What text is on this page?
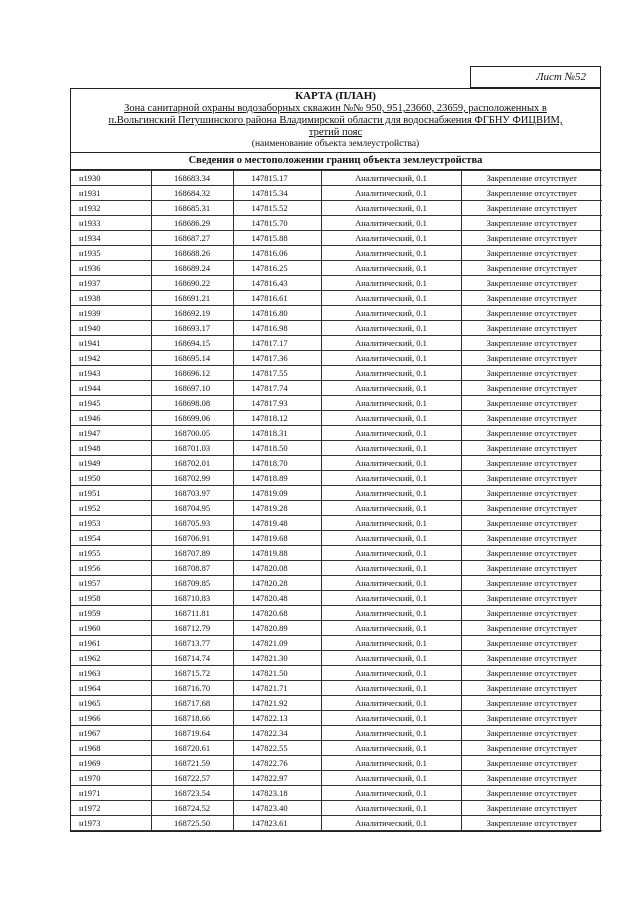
Лист №52
КАРТА (ПЛАН)
Зона санитарной охраны водозаборных скважин №№ 950, 951,23660, 23659, расположенных в
п.Вольгинский Петушинского района Владимирской области для водоснабжения ФГБНУ ФИЦВИМ,
третий пояс
(наименование объекта землеустройства)
Сведения о местоположении границ объекта землеустройства
н1930	168683.34	147815.17	Аналитический, 0.1	Закрепление отсутствует
н1931	168684.32	147815.34	Аналитический, 0.1	Закрепление отсутствует
н1932	168685.31	147815.52	Аналитический, 0.1	Закрепление отсутствует
н1933	168686.29	147815.70	Аналитический, 0.1	Закрепление отсутствует
н1934	168687.27	147815.88	Аналитический, 0.1	Закрепление отсутствует
н1935	168688.26	147816.06	Аналитический, 0.1	Закрепление отсутствует
н1936	168689.24	147816.25	Аналитический, 0.1	Закрепление отсутствует
н1937	168690.22	147816.43	Аналитический, 0.1	Закрепление отсутствует
н1938	168691.21	147816.61	Аналитический, 0.1	Закрепление отсутствует
н1939	168692.19	147816.80	Аналитический, 0.1	Закрепление отсутствует
н1940	168693.17	147816.98	Аналитический, 0.1	Закрепление отсутствует
н1941	168694.15	147817.17	Аналитический, 0.1	Закрепление отсутствует
н1942	168695.14	147817.36	Аналитический, 0.1	Закрепление отсутствует
н1943	168696.12	147817.55	Аналитический, 0.1	Закрепление отсутствует
н1944	168697.10	147817.74	Аналитический, 0.1	Закрепление отсутствует
н1945	168698.08	147817.93	Аналитический, 0.1	Закрепление отсутствует
н1946	168699.06	147818.12	Аналитический, 0.1	Закрепление отсутствует
н1947	168700.05	147818.31	Аналитический, 0.1	Закрепление отсутствует
н1948	168701.03	147818.50	Аналитический, 0.1	Закрепление отсутствует
н1949	168702.01	147818.70	Аналитический, 0.1	Закрепление отсутствует
н1950	168702.99	147818.89	Аналитический, 0.1	Закрепление отсутствует
н1951	168703.97	147819.09	Аналитический, 0.1	Закрепление отсутствует
н1952	168704.95	147819.28	Аналитический, 0.1	Закрепление отсутствует
н1953	168705.93	147819.48	Аналитический, 0.1	Закрепление отсутствует
н1954	168706.91	147819.68	Аналитический, 0.1	Закрепление отсутствует
н1955	168707.89	147819.88	Аналитический, 0.1	Закрепление отсутствует
н1956	168708.87	147820.08	Аналитический, 0.1	Закрепление отсутствует
н1957	168709.85	147820.28	Аналитический, 0.1	Закрепление отсутствует
н1958	168710.83	147820.48	Аналитический, 0.1	Закрепление отсутствует
н1959	168711.81	147820.68	Аналитический, 0.1	Закрепление отсутствует
н1960	168712.79	147820.89	Аналитический, 0.1	Закрепление отсутствует
н1961	168713.77	147821.09	Аналитический, 0.1	Закрепление отсутствует
н1962	168714.74	147821.30	Аналитический, 0.1	Закрепление отсутствует
н1963	168715.72	147821.50	Аналитический, 0.1	Закрепление отсутствует
н1964	168716.70	147821.71	Аналитический, 0.1	Закрепление отсутствует
н1965	168717.68	147821.92	Аналитический, 0.1	Закрепление отсутствует
н1966	168718.66	147822.13	Аналитический, 0.1	Закрепление отсутствует
н1967	168719.64	147822.34	Аналитический, 0.1	Закрепление отсутствует
н1968	168720.61	147822.55	Аналитический, 0.1	Закрепление отсутствует
н1969	168721.59	147822.76	Аналитический, 0.1	Закрепление отсутствует
н1970	168722.57	147822.97	Аналитический, 0.1	Закрепление отсутствует
н1971	168723.54	147823.18	Аналитический, 0.1	Закрепление отсутствует
н1972	168724.52	147823.40	Аналитический, 0.1	Закрепление отсутствует
н1973	168725.50	147823.61	Аналитический, 0.1	Закрепление отсутствует
